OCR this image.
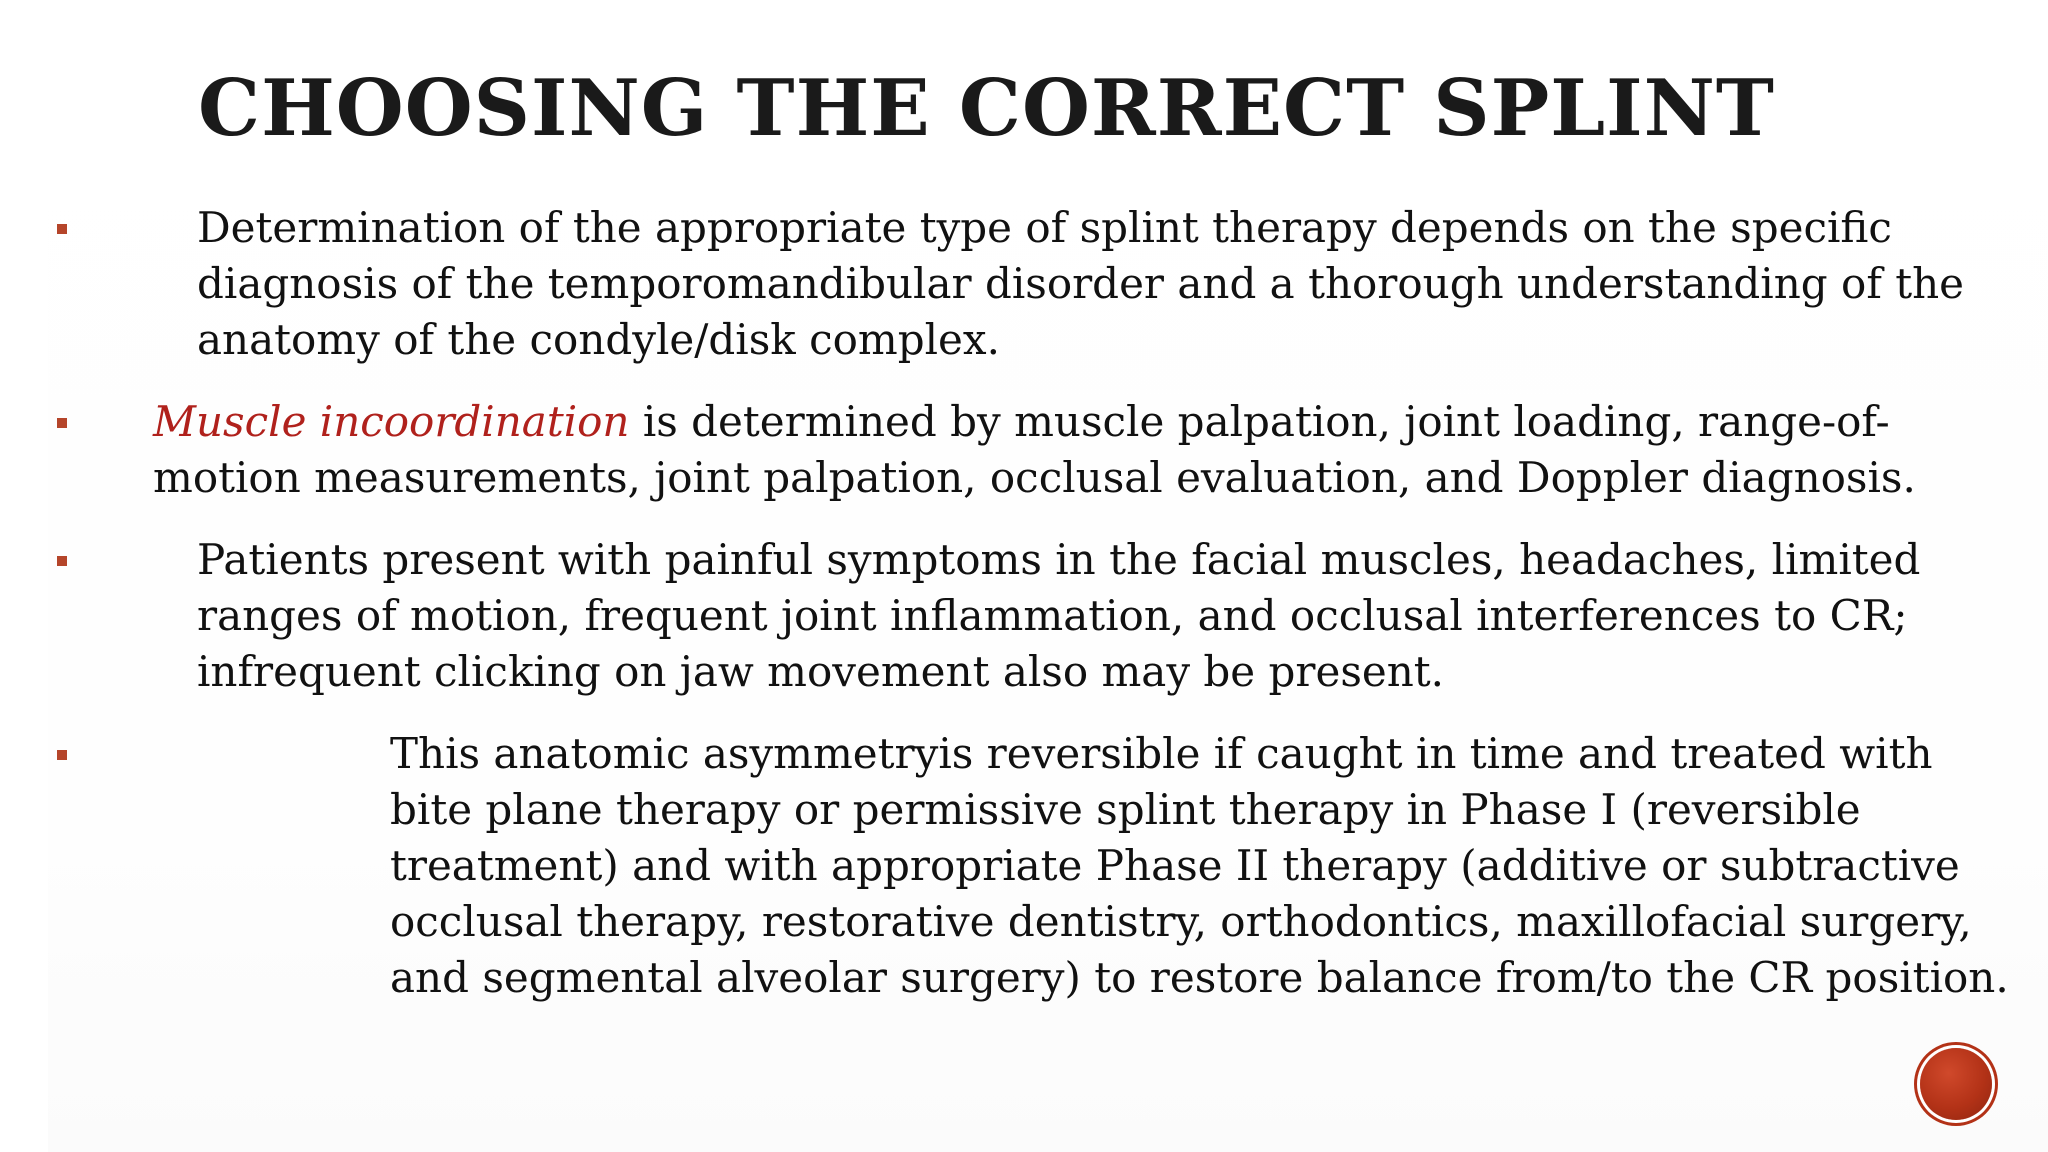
CHOOSING THE CORRECT SPLINT
Determination of the appropriate type of splint therapy depends on the specific diagnosis of the temporomandibular disorder and a thorough understanding of the anatomy of the condyle/disk complex.
Muscle incoordination is determined by muscle palpation, joint loading, range-of-motion measurements, joint palpation, occlusal evaluation, and Doppler diagnosis.
Patients present with painful symptoms in the facial muscles, headaches, limited ranges of motion, frequent joint inflammation, and occlusal interferences to CR; infrequent clicking on jaw movement also may be present.
This anatomic asymmetryis reversible if caught in time and treated with bite plane therapy or permissive splint therapy in Phase I (reversible treatment) and with appropriate Phase II therapy (additive or subtractive occlusal therapy, restorative dentistry, orthodontics, maxillofacial surgery, and segmental alveolar surgery) to restore balance from/to the CR position.
